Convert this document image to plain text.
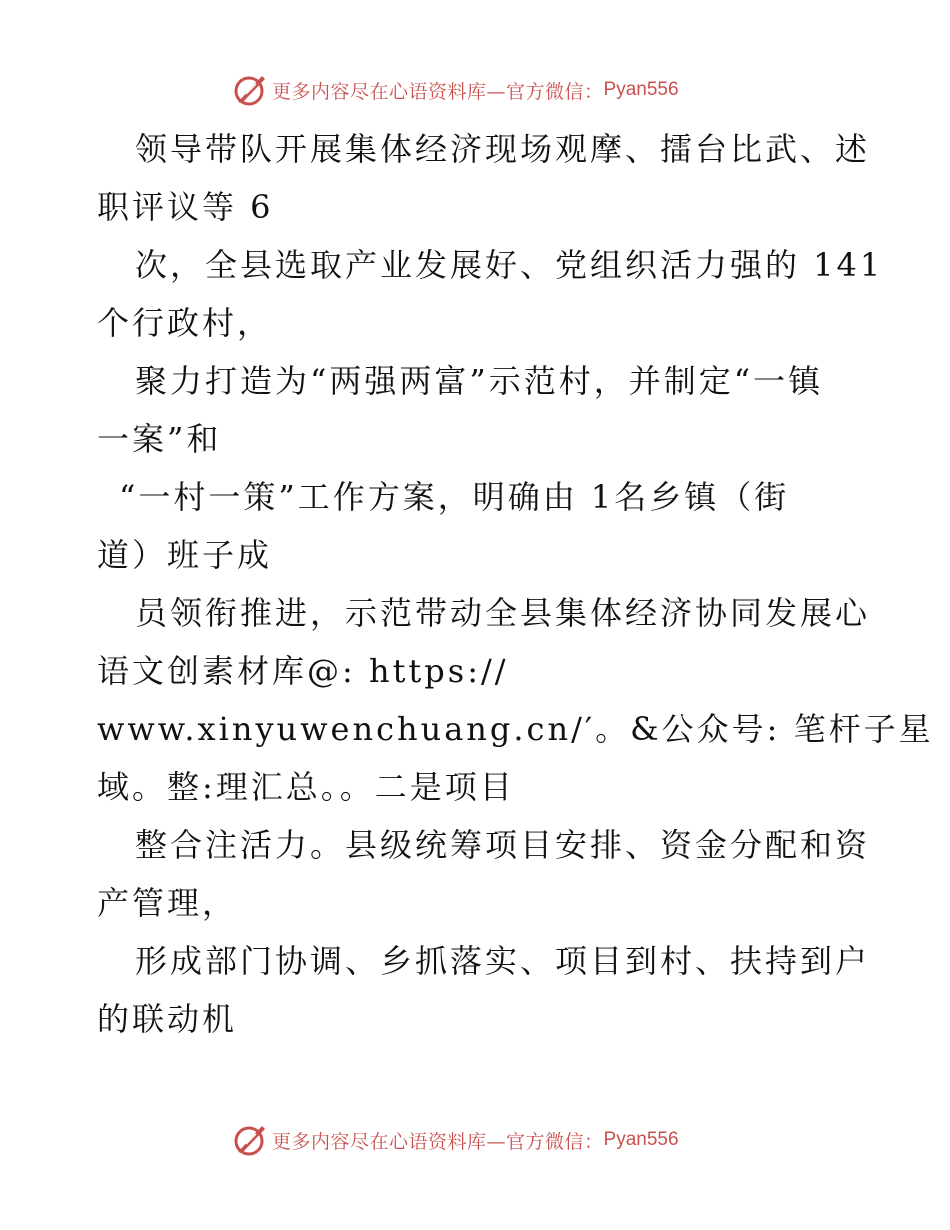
更多内容尽在心语资料库—官方微信： Pyan556
领导带队开展集体经济现场观摩、擂台比武、述
职评议等 6
次，全县选取产业发展好、党组织活力强的 141
个行政村，
聚力打造为“两强两富”示范村，并制定“一镇
一案”和
“一村一策”工作方案，明确由 1名乡镇（街
道）班子成
员领衔推进，示范带动全县集体经济协同发展心
语文创素材库@: https://
www.xinyuwenchuang.cn/′。&公众号: 笔杆子星
域。整:理汇总。。二是项目
整合注活力。县级统筹项目安排、资金分配和资
产管理，
形成部门协调、乡抓落实、项目到村、扶持到户
的联动机
更多内容尽在心语资料库—官方微信： Pyan556
